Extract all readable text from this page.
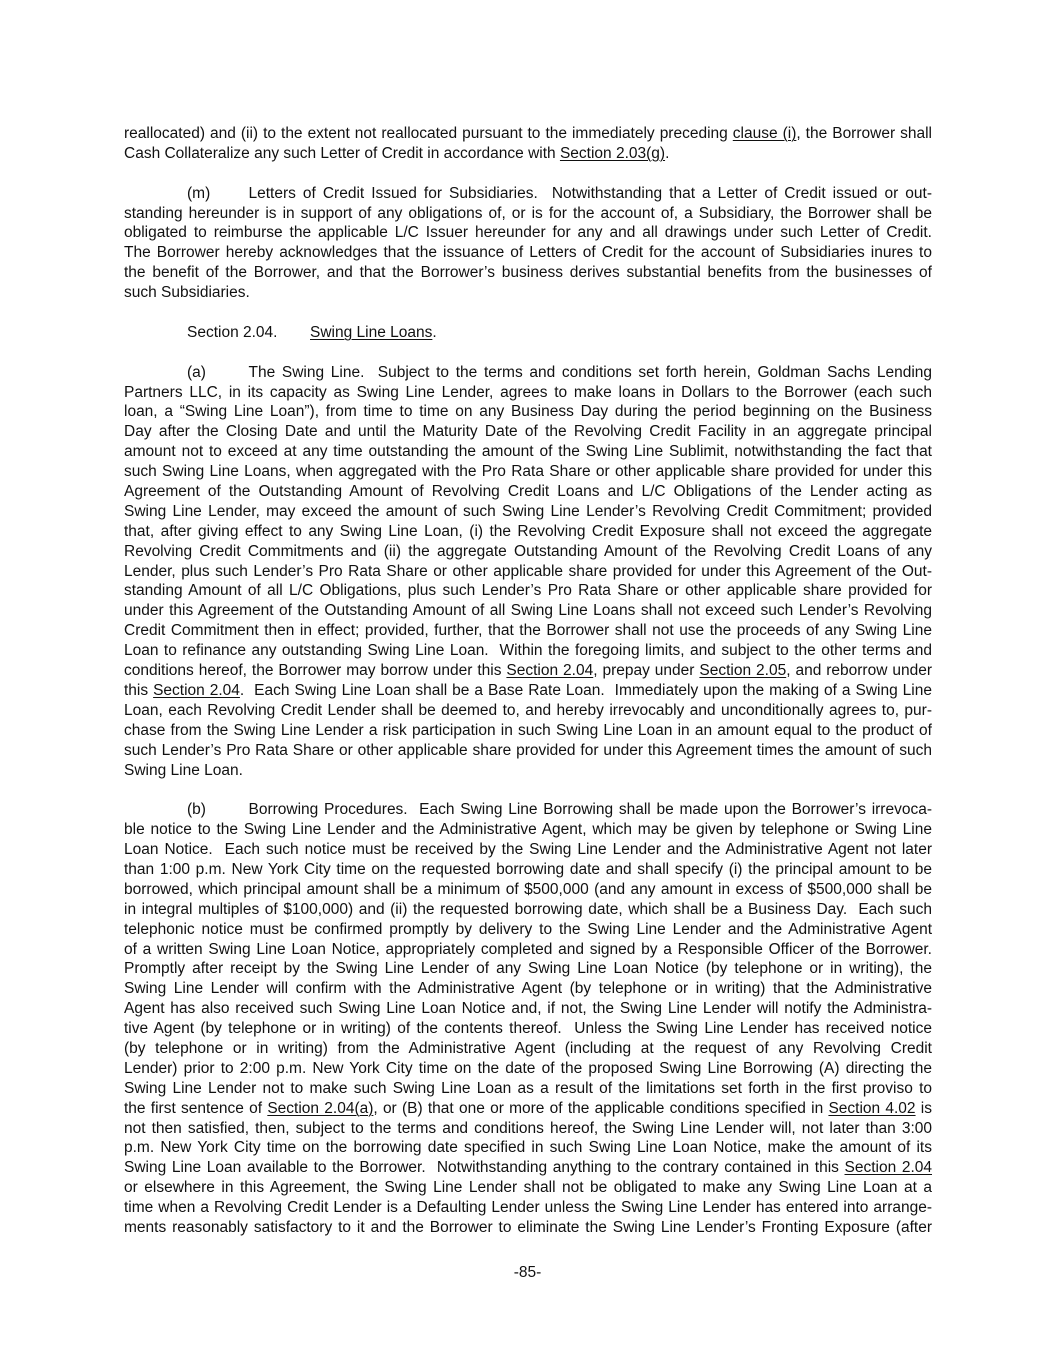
reallocated) and (ii) to the extent not reallocated pursuant to the immediately preceding clause (i), the Borrower shall
Cash Collateralize any such Letter of Credit in accordance with Section 2.03(g).
(m) Letters of Credit Issued for Subsidiaries.  Notwithstanding that a Letter of Credit issued or out-
standing hereunder is in support of any obligations of, or is for the account of, a Subsidiary, the Borrower shall be
obligated to reimburse the applicable L/C Issuer hereunder for any and all drawings under such Letter of Credit.
The Borrower hereby acknowledges that the issuance of Letters of Credit for the account of Subsidiaries inures to
the benefit of the Borrower, and that the Borrower’s business derives substantial benefits from the businesses of
such Subsidiaries.
Section 2.04. Swing Line Loans.
(a)	The Swing Line.  Subject to the terms and conditions set forth herein, Goldman Sachs Lending
Partners LLC, in its capacity as Swing Line Lender, agrees to make loans in Dollars to the Borrower (each such
loan, a “Swing Line Loan”), from time to time on any Business Day during the period beginning on the Business
Day after the Closing Date and until the Maturity Date of the Revolving Credit Facility in an aggregate principal
amount not to exceed at any time outstanding the amount of the Swing Line Sublimit, notwithstanding the fact that
such Swing Line Loans, when aggregated with the Pro Rata Share or other applicable share provided for under this
Agreement of the Outstanding Amount of Revolving Credit Loans and L/C Obligations of the Lender acting as
Swing Line Lender, may exceed the amount of such Swing Line Lender’s Revolving Credit Commitment; provided
that, after giving effect to any Swing Line Loan, (i) the Revolving Credit Exposure shall not exceed the aggregate
Revolving Credit Commitments and (ii) the aggregate Outstanding Amount of the Revolving Credit Loans of any
Lender, plus such Lender’s Pro Rata Share or other applicable share provided for under this Agreement of the Out-
standing Amount of all L/C Obligations, plus such Lender’s Pro Rata Share or other applicable share provided for
under this Agreement of the Outstanding Amount of all Swing Line Loans shall not exceed such Lender’s Revolving
Credit Commitment then in effect; provided, further, that the Borrower shall not use the proceeds of any Swing Line
Loan to refinance any outstanding Swing Line Loan.  Within the foregoing limits, and subject to the other terms and
conditions hereof, the Borrower may borrow under this Section 2.04, prepay under Section 2.05, and reborrow under
this Section 2.04.  Each Swing Line Loan shall be a Base Rate Loan.  Immediately upon the making of a Swing Line
Loan, each Revolving Credit Lender shall be deemed to, and hereby irrevocably and unconditionally agrees to, pur-
chase from the Swing Line Lender a risk participation in such Swing Line Loan in an amount equal to the product of
such Lender’s Pro Rata Share or other applicable share provided for under this Agreement times the amount of such
Swing Line Loan.
(b)	Borrowing Procedures.  Each Swing Line Borrowing shall be made upon the Borrower’s irrevoca-
ble notice to the Swing Line Lender and the Administrative Agent, which may be given by telephone or Swing Line
Loan Notice.  Each such notice must be received by the Swing Line Lender and the Administrative Agent not later
than 1:00 p.m. New York City time on the requested borrowing date and shall specify (i) the principal amount to be
borrowed, which principal amount shall be a minimum of $500,000 (and any amount in excess of $500,000 shall be
in integral multiples of $100,000) and (ii) the requested borrowing date, which shall be a Business Day.  Each such
telephonic notice must be confirmed promptly by delivery to the Swing Line Lender and the Administrative Agent
of a written Swing Line Loan Notice, appropriately completed and signed by a Responsible Officer of the Borrower.
Promptly after receipt by the Swing Line Lender of any Swing Line Loan Notice (by telephone or in writing), the
Swing Line Lender will confirm with the Administrative Agent (by telephone or in writing) that the Administrative
Agent has also received such Swing Line Loan Notice and, if not, the Swing Line Lender will notify the Administra-
tive Agent (by telephone or in writing) of the contents thereof.  Unless the Swing Line Lender has received notice
(by telephone or in writing) from the Administrative Agent (including at the request of any Revolving Credit
Lender) prior to 2:00 p.m. New York City time on the date of the proposed Swing Line Borrowing (A) directing the
Swing Line Lender not to make such Swing Line Loan as a result of the limitations set forth in the first proviso to
the first sentence of Section 2.04(a), or (B) that one or more of the applicable conditions specified in Section 4.02 is
not then satisfied, then, subject to the terms and conditions hereof, the Swing Line Lender will, not later than 3:00
p.m. New York City time on the borrowing date specified in such Swing Line Loan Notice, make the amount of its
Swing Line Loan available to the Borrower.  Notwithstanding anything to the contrary contained in this Section 2.04
or elsewhere in this Agreement, the Swing Line Lender shall not be obligated to make any Swing Line Loan at a
time when a Revolving Credit Lender is a Defaulting Lender unless the Swing Line Lender has entered into arrange-
ments reasonably satisfactory to it and the Borrower to eliminate the Swing Line Lender’s Fronting Exposure (after
-85-
